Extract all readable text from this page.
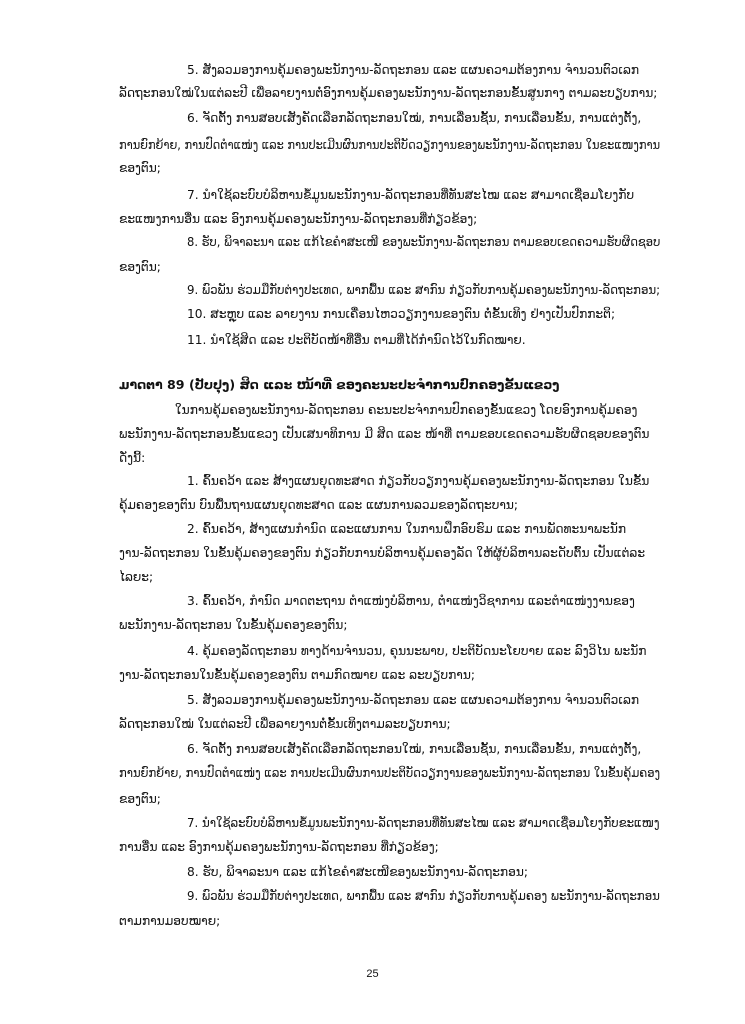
5. ສັງລວມອງການຄຸ້ມຄອງພະນັກງານ-ລັດຖະກອນ ແລະ ແຜນຄວາມຕ້ອງການ ຈຳນວນຕົວເລກ
ລັດຖະກອນໃໝ່ໃນແຕ່ລະປີ ເພື່ອລາຍງານຕໍ່ອົງການຄຸ້ມຄອງພະນັກງານ-ລັດຖະກອນຂັ້ນສູນກາງ ຕາມລະບຽບການ;
6. ຈັດຕັ້ງ ການສອບເສັງຄັດເລືອກລັດຖະກອນໃໝ່, ການເລື່ອນຊັ້ນ, ການເລື່ອນຂັ້ນ, ການແຕ່ງຕັ້ງ,
ການຍົກຍ້າຍ, ການປົດຕຳແໜ່ງ ແລະ ການປະເມີນຜົນການປະຕິບັດວຽກງານຂອງພະນັກງານ-ລັດຖະກອນ ໃນຂະແໜງການ
ຂອງຕົນ;
7. ນຳໃຊ້ລະບົບບໍລິຫານຂໍ້ມູນພະນັກງານ-ລັດຖະກອນທີ່ທັນສະໄໝ ແລະ ສາມາດເຊື່ອມໂຍງກັບ
ຂະແໜງການອື່ນ ແລະ ອົງການຄຸ້ມຄອງພະນັກງານ-ລັດຖະກອນທີ່ກ່ຽວຂ້ອງ;
8. ຮັບ, ພິຈາລະນາ ແລະ ແກ້ໄຂຄຳສະເໜີ ຂອງພະນັກງານ-ລັດຖະກອນ ຕາມຂອບເຂດຄວາມຮັບຜິດຊອບ
ຂອງຕົນ;
9. ພົວພັນ ຮ່ວມມືກັບຕ່າງປະເທດ, ພາກພື້ນ ແລະ ສາກົນ ກ່ຽວກັບການຄຸ້ມຄອງພະນັກງານ-ລັດຖະກອນ;
10. ສະຫຼຸບ ແລະ ລາຍງານ ການເຄື່ອນໄຫວວຽກງານຂອງຕົນ ຕໍ່ຂັ້ນເທິງ ຢ່າງເປັນປົກກະຕິ;
11. ນຳໃຊ້ສິດ ແລະ ປະຕິບັດໜ້າທີ່ອື່ນ ຕາມທີ່ໄດ້ກຳນົດໄວ້ໃນກົດໝາຍ.
ມາດຕາ 89 (ປັບປຸງ) ສິດ ແລະ ໜ້າທີ່ ຂອງຄະນະປະຈຳການປົກຄອງຂັ້ນແຂວງ
ໃນການຄຸ້ມຄອງພະນັກງານ-ລັດຖະກອນ ຄະນະປະຈຳການປົກຄອງຂັ້ນແຂວງ ໂດຍອົງການຄຸ້ມຄອງ
ພະນັກງານ-ລັດຖະກອນຂັ້ນແຂວງ ເປັນເສນາທິການ ມີ ສິດ ແລະ ໜ້າທີ່ ຕາມຂອບເຂດຄວາມຮັບຜິດຊອບຂອງຕົນ
ດັ່ງນີ້:
1. ຄົ້ນຄວ້າ ແລະ ສ້າງແຜນຍຸດທະສາດ ກ່ຽວກັບວຽກງານຄຸ້ມຄອງພະນັກງານ-ລັດຖະກອນ ໃນຂັ້ນ
ຄຸ້ມຄອງຂອງຕົນ ບົນພື້ນຖານແຜນຍຸດທະສາດ ແລະ ແຜນການລວມຂອງລັດຖະບານ;
2. ຄົ້ນຄວ້າ, ສ້າງແຜນກຳນົດ ແລະແຜນການ ໃນການຝຶກອົບຮົມ ແລະ ການພັດທະນາພະນັກ
ງານ-ລັດຖະກອນ ໃນຂັ້ນຄຸ້ມຄອງຂອງຕົນ ກ່ຽວກັບການບໍລິຫານຄຸ້ມຄອງລັດ ໃຫ້ຜູ້ບໍລິຫານລະດັບຕົ້ນ ເປັນແຕ່ລະ
ໄລຍະ;
3. ຄົ້ນຄວ້າ, ກຳນົດ ມາດຕະຖານ ຕຳແໜ່ງບໍລິຫານ, ຕຳແໜ່ງວິຊາການ ແລະຕຳແໜ່ງງານຂອງ
ພະນັກງານ-ລັດຖະກອນ ໃນຂັ້ນຄຸ້ມຄອງຂອງຕົນ;
4. ຄຸ້ມຄອງລັດຖະກອນ ທາງດ້ານຈຳນວນ, ຄຸນນະພາບ, ປະຕິບັດນະໂຍບາຍ ແລະ ລົງວິໄນ ພະນັກ
ງານ-ລັດຖະກອນໃນຂັ້ນຄຸ້ມຄອງຂອງຕົນ ຕາມກົດໝາຍ ແລະ ລະບຽບການ;
5. ສັງລວມອງການຄຸ້ມຄອງພະນັກງານ-ລັດຖະກອນ ແລະ ແຜນຄວາມຕ້ອງການ ຈຳນວນຕົວເລກ
ລັດຖະກອນໃໝ່ ໃນແຕ່ລະປີ ເພື່ອລາຍງານຕໍ່ຂັ້ນເທິງຕາມລະບຽບການ;
6. ຈັດຕັ້ງ ການສອບເສັງຄັດເລືອກລັດຖະກອນໃໝ່, ການເລື່ອນຊັ້ນ, ການເລື່ອນຂັ້ນ, ການແຕ່ງຕັ້ງ,
ການຍົກຍ້າຍ, ການປົດຕຳແໜ່ງ ແລະ ການປະເມີນຜົນການປະຕິບັດວຽກງານຂອງພະນັກງານ-ລັດຖະກອນ ໃນຂັ້ນຄຸ້ມຄອງ
ຂອງຕົນ;
7. ນຳໃຊ້ລະບົບບໍລິຫານຂໍ້ມູນພະນັກງານ-ລັດຖະກອນທີ່ທັນສະໄໝ ແລະ ສາມາດເຊື່ອມໂຍງກັບຂະແໜງ
ການອື່ນ ແລະ ອົງການຄຸ້ມຄອງພະນັກງານ-ລັດຖະກອນ ທີ່ກ່ຽວຂ້ອງ;
8. ຮັບ, ພິຈາລະນາ ແລະ ແກ້ໄຂຄຳສະເໜີຂອງພະນັກງານ-ລັດຖະກອນ;
9. ພົວພັນ ຮ່ວມມືກັບຕ່າງປະເທດ, ພາກພື້ນ ແລະ ສາກົນ ກ່ຽວກັບການຄຸ້ມຄອງ ພະນັກງານ-ລັດຖະກອນ
ຕາມການມອບໝາຍ;
25
